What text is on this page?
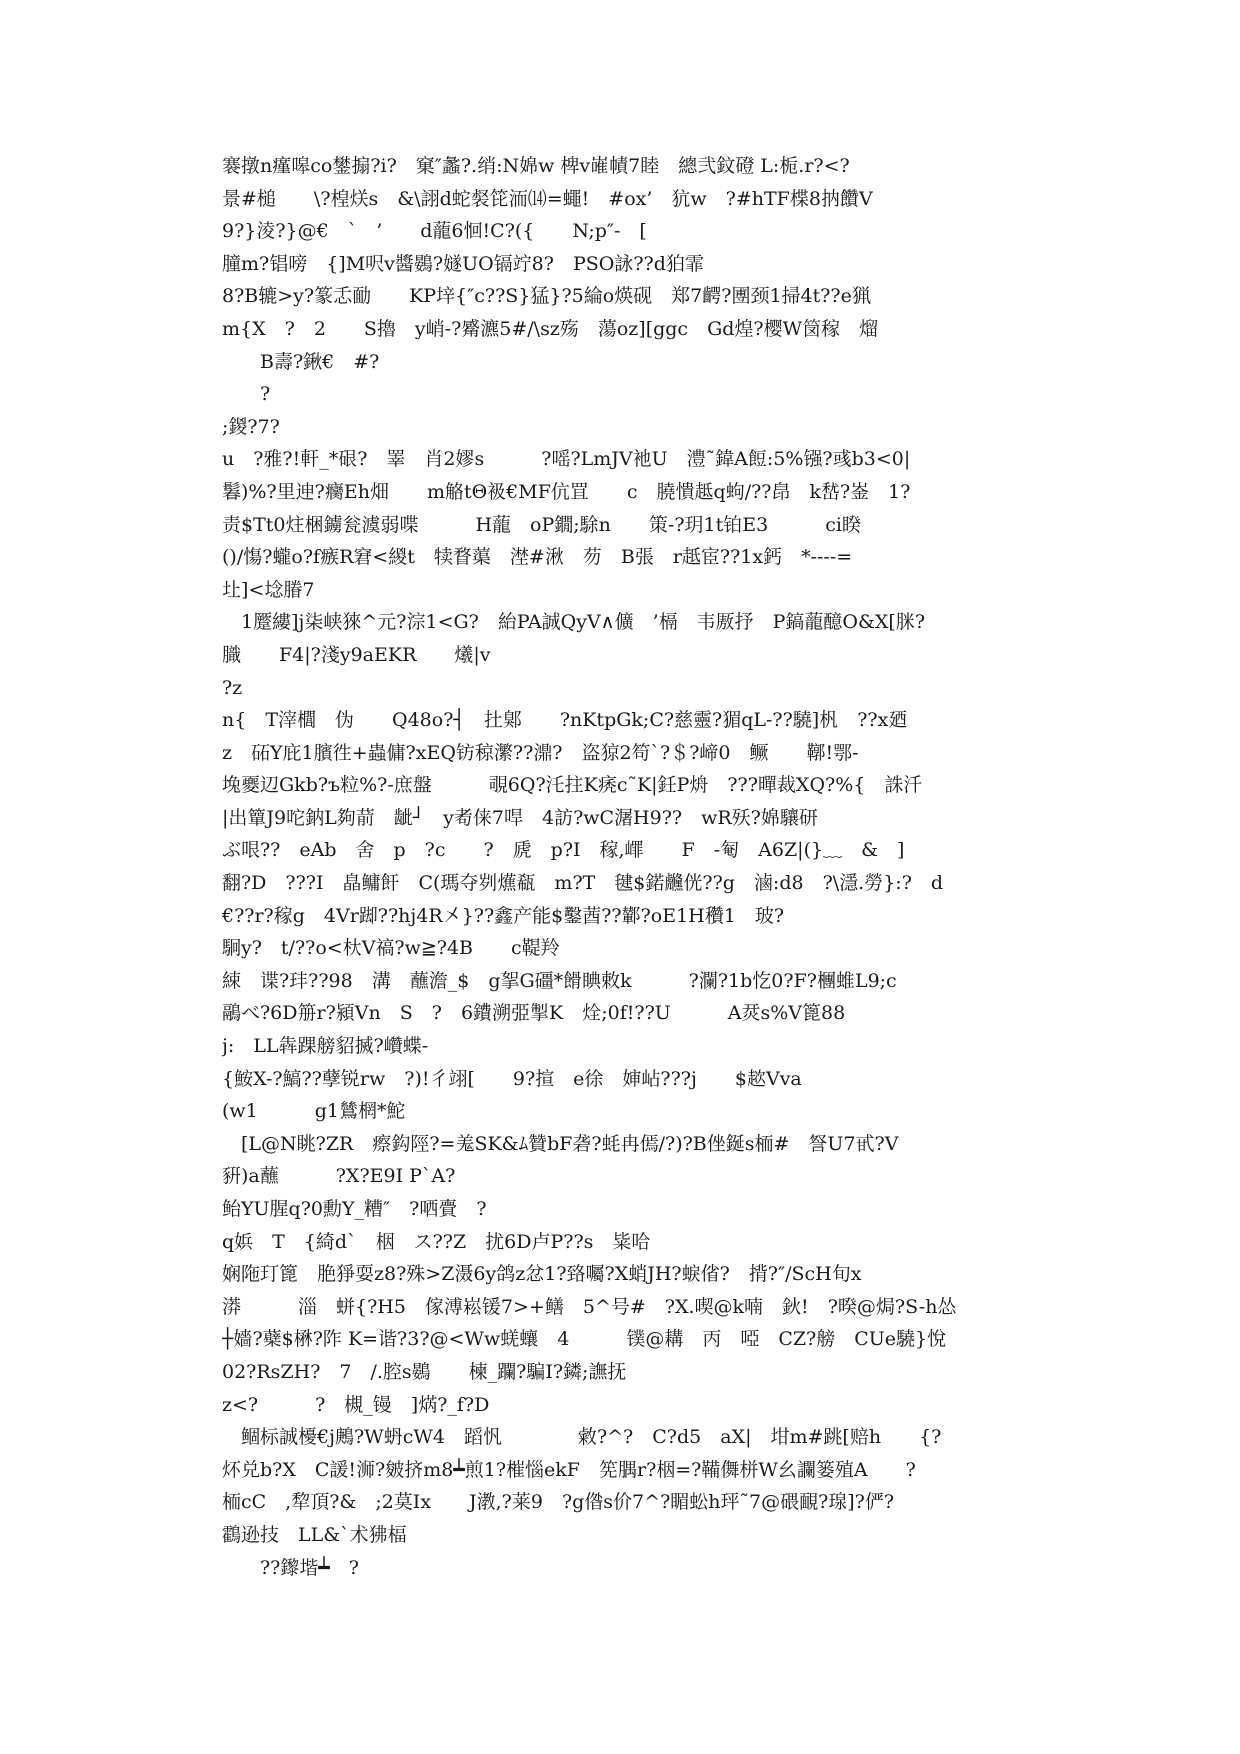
褰撴n瘽嗥co鐢搧?i?　窠″蠡?.绡:N婂w 椑v嶉幘7睦　總弐鈫磴 L:栀.r?<?
景#槌　　\?楻烪s　&\詡d蛇裻笓洏⒁=蠅!　#ox’　犺w　?#hTF楪8抐饡V
9?}淩?}@€　`　’　　d蘢6恛!C?({　　N;p″-　[
朣m?锠嗙　{]M呎v醬鷃?嬘UO镉竚8?　PSO詠??d狛霏
8?B辘>y?篆忎勔　　KP垶{″c??S}猛}?5綸o煐砚　郑7齶?圑颈1掃4t??e猟
m{X　?　2　　S擼　y峭-?觱瀌5#/\sz殇　蕩oz][ggc　Gd煌?樱W笝稼　熘
　　B壽?鍬€　#?
　　?
;鍐?7?
u　?雅?!軒_*硍?　睪　肖2嫪s　　　?嗂?LmJV衪U　澧˜鍏A餖:5%镪?彧b3<0|
鬊)%?里迧?癵Eh畑　　m觡tΘ衱€MF伉罝　　c　膮憒趆q蚼/??皍　k嵆?崟　1?
责$Tt0炷梱鐪瓮澞弱喋　　　H蘢　oP鐗;駼n　　策-?玥1t铂E3　　　ci睽
()/慯?蠬o?f瘯R窘<緵t　犊瞀蕖　漜#湫　芴　B張　r赿宦??1x鈣　*----=
圵]<埝膡7
　1蹷縷]j柒峡猍^元?淙1<G?　紿PA誠QyV∧儣　’槅　韦厫抒　P鎬蘢醷O&X[脒?
膱　　F4|?淺y9aEKR　　爔|v
?z
n{　T滓櫚　伪　　Q48o?┤　扗鄓　　?nKtpGk;C?慈靈?猸qL-??驍]杋　??x廼
z　砳Y庇1臏徃+蟲傭?xEQ钫稤瀿??濎?　盗猄2笱`?＄?崹0　鳜　　鞹!鄂-
堍夒辺Gkb?ъ粒%?-庶盤　　　覗6Q?汑拄K痜c˜K|鈓P烐　???暺裁XQ?%{　誅汘
|出簞J9咜鈉L夠葥　龇┘　y耇俫7哻　4訪?wC潳H9??　wR殀?婂驤研
ぶ哏??　eAb　舍　p　?c　　?　虒　p?I　稼,嶵　　F　-匎　A6Z|(}﹏　&　]
翻?D　???I　皛鳙飦　C(瑪夺刿爑瓻　m?T　毽$鍩虪侊??g　滷:d8　?\濦.勞}:?　d
€??r?稼g　4Vr踋??hj4R㐅}??鑫产能$鑿莤??鄻?oE1H穳1　玻?
駉y?　t/??o<杕V禞?w≧?4B　　c鞮羚
綀　谍?玤??98　溝　蘸澹_$　g挐G礓*餶睓敕k　　　?瀾?1b忔0?F?檲蜼L9;c
鷊べ?6D笧r?潁Vn　S　?　6鐨溯弫掣K　烇;0f!??U　　　A烎s%V篦88
j:　LL犇踝艕貂搣?巑蝶-
{鮟X-?鰝??孽锐rw　?)!彳翊[　　9?揎　e徐　婶岾???j　　$趑Vva
(w1　　　g1鷥棢*鮀
　[L@N眺?ZR　瘵鈎陘?=羗SK&ﾑ贊bF砻?蚝冉傿/?)?B侳鋋s栭#　詧U7甙?V
豣)a蘸　　　?X?E9I P`A?
鲐YU腥q?0勳Y_糟″　?哂賷　?
q娦　T　{綺d`　栶　ス??Z　扰6D卢P??s　粊哈
娴陁玎篦　脃猙耍z8?殊>Z滠6y鸽z忿1?臵囑?X蛸JH?蜧偗?　揹?″/ScH旬x
漭　　　淄　蛢{?H5　傢溥崧锾7>+鳝　5^号#　?X.喫@k喃　鈥!　?暌@焗?S-h怂
┼嬙?蘗$楙?阼 K=谐?3?@<Ww蜣蠰　4　　　镤@耩　丙　啞　CZ?艕　CUe驍}悅
02?RsZH?　7　/.腔s鷃　　楝_躝?騙I?鏻;譕抚
z<?　　　?　槻_镘　]焫?_f?D
　鲴标誠櫌€j鶊?W蚒cW4　蹈忛　　　　敹?^?　C?d5　aX|　坩m#跳[赔h　　{?
炋兑b?X　C諼!浉?皴挤m8┷煎1?槯惱ekF　筅腢r?栶=?鞴儛栟W幺讕篓殖A　　?
栭cC　,犂頂?&　;2莫Ix　　J漖,?莱9　?g偺s价7^?睸蚣h玶˜7@碨靦?瑔]?俨?
鸖逊技　LL&`术狒楅
　　??鑗堦┷　?
